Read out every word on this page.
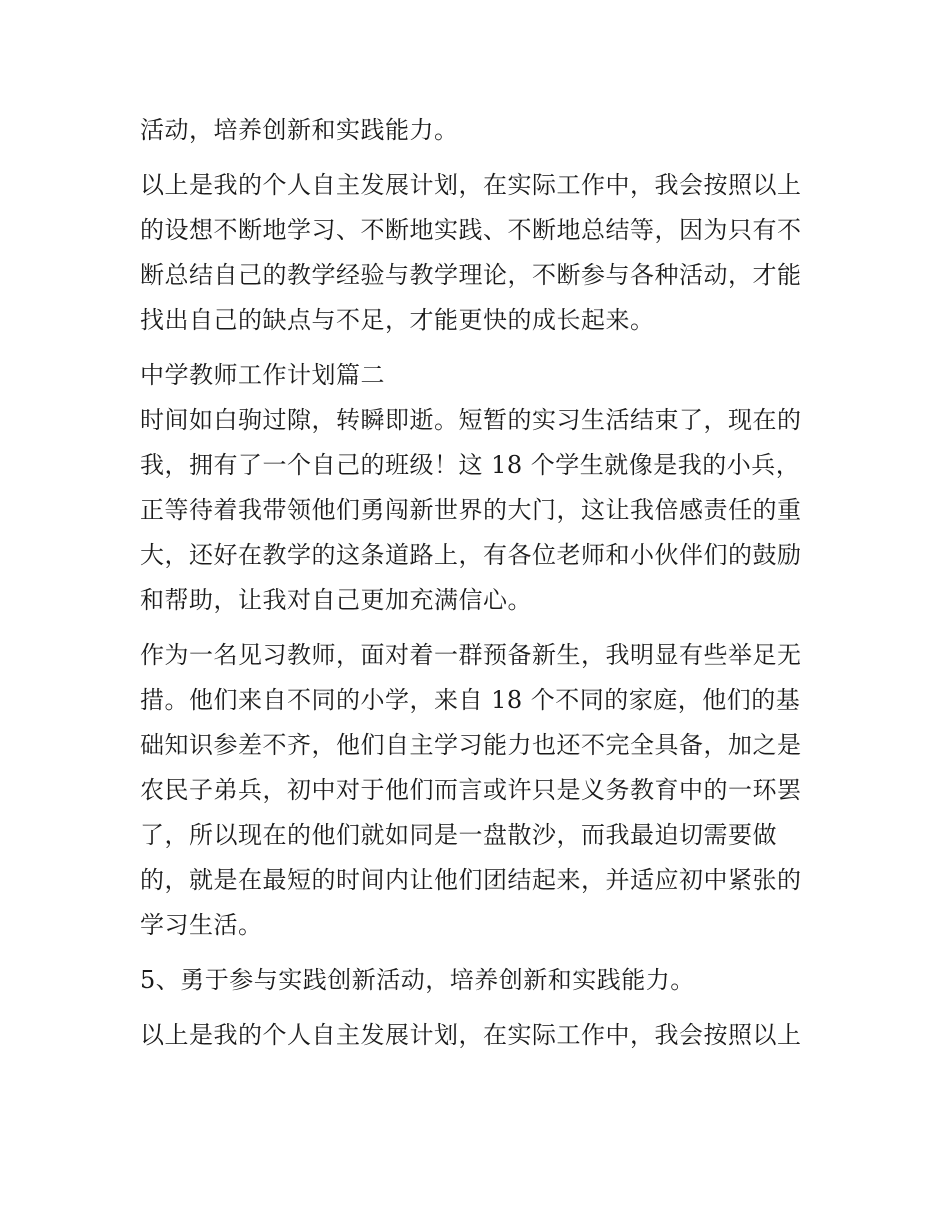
活动，培养创新和实践能力。
以上是我的个人自主发展计划，在实际工作中，我会按照以上
的设想不断地学习、不断地实践、不断地总结等，因为只有不
断总结自己的教学经验与教学理论，不断参与各种活动，才能
找出自己的缺点与不足，才能更快的成长起来。
中学教师工作计划篇二
时间如白驹过隙，转瞬即逝。短暂的实习生活结束了，现在的
我，拥有了一个自己的班级！这 18 个学生就像是我的小兵，
正等待着我带领他们勇闯新世界的大门，这让我倍感责任的重
大，还好在教学的这条道路上，有各位老师和小伙伴们的鼓励
和帮助，让我对自己更加充满信心。
作为一名见习教师，面对着一群预备新生，我明显有些举足无
措。他们来自不同的小学，来自 18 个不同的家庭，他们的基
础知识参差不齐，他们自主学习能力也还不完全具备，加之是
农民子弟兵，初中对于他们而言或许只是义务教育中的一环罢
了，所以现在的他们就如同是一盘散沙，而我最迫切需要做
的，就是在最短的时间内让他们团结起来，并适应初中紧张的
学习生活。
5、勇于参与实践创新活动，培养创新和实践能力。
以上是我的个人自主发展计划，在实际工作中，我会按照以上
